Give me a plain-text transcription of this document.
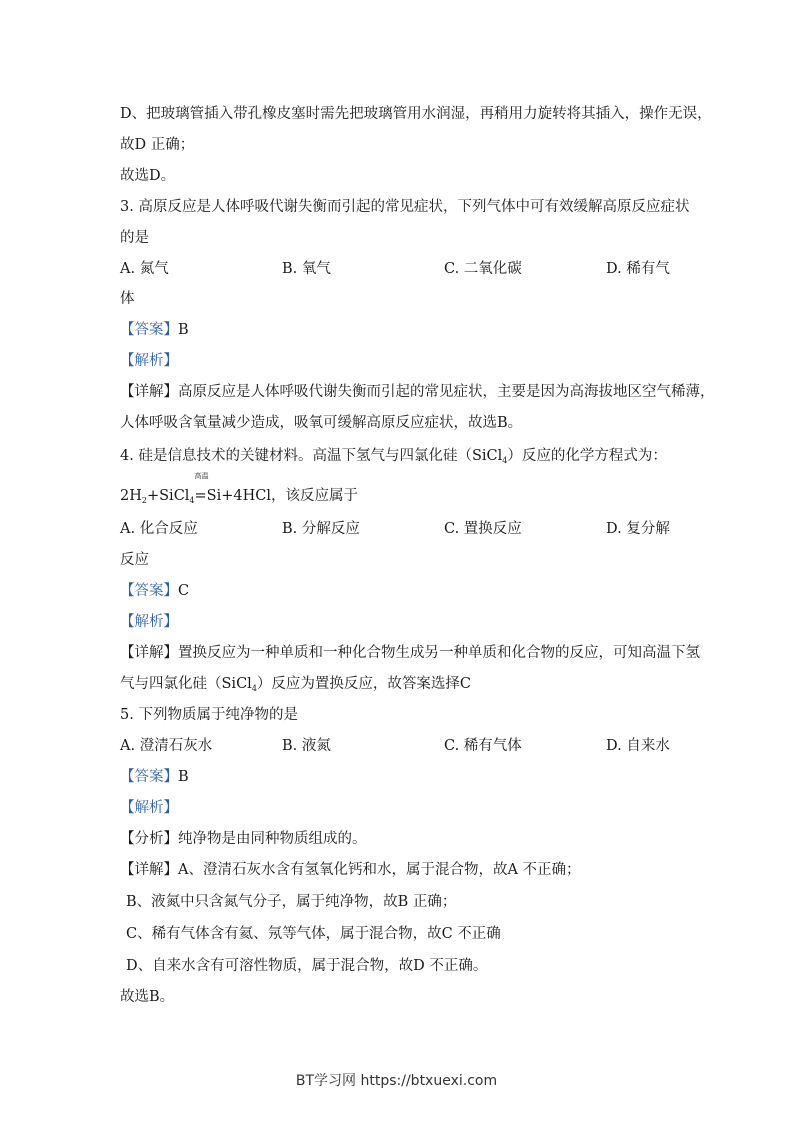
D、把玻璃管插入带孔橡皮塞时需先把玻璃管用水润湿，再稍用力旋转将其插入，操作无误，
故D 正确；
故选D。
3. 高原反应是人体呼吸代谢失衡而引起的常见症状，下列气体中可有效缓解高原反应症状
的是
A. 氮气	B. 氧气	C. 二氧化碳	D. 稀有气
体
【答案】B
【解析】
【详解】高原反应是人体呼吸代谢失衡而引起的常见症状，主要是因为高海拔地区空气稀薄，
人体呼吸含氧量减少造成，吸氧可缓解高原反应症状，故选B。
4. 硅是信息技术的关键材料。高温下氢气与四氯化硅（SiCl$_4$）反应的化学方程式为：
$2H_2+SiCl_4$
高温
=Si+4HCl，该反应属于
A. 化合反应	B. 分解反应	C. 置换反应	D. 复分解
反应
【答案】C
【解析】
【详解】置换反应为一种单质和一种化合物生成另一种单质和化合物的反应，可知高温下氢
气与四氯化硅（SiCl$_4$）反应为置换反应，故答案选择C
5. 下列物质属于纯净物的是
A. 澄清石灰水	B. 液氮	C. 稀有气体	D. 自来水
【答案】B
【解析】
【分析】纯净物是由同种物质组成的。
【详解】A、澄清石灰水含有氢氧化钙和水，属于混合物，故A 不正确；
B、液氮中只含氮气分子，属于纯净物，故B 正确；
C、稀有气体含有氦、氖等气体，属于混合物，故C 不正确
D、自来水含有可溶性物质，属于混合物，故D 不正确。
故选B。
BT学习网 https://btxuexi.com
